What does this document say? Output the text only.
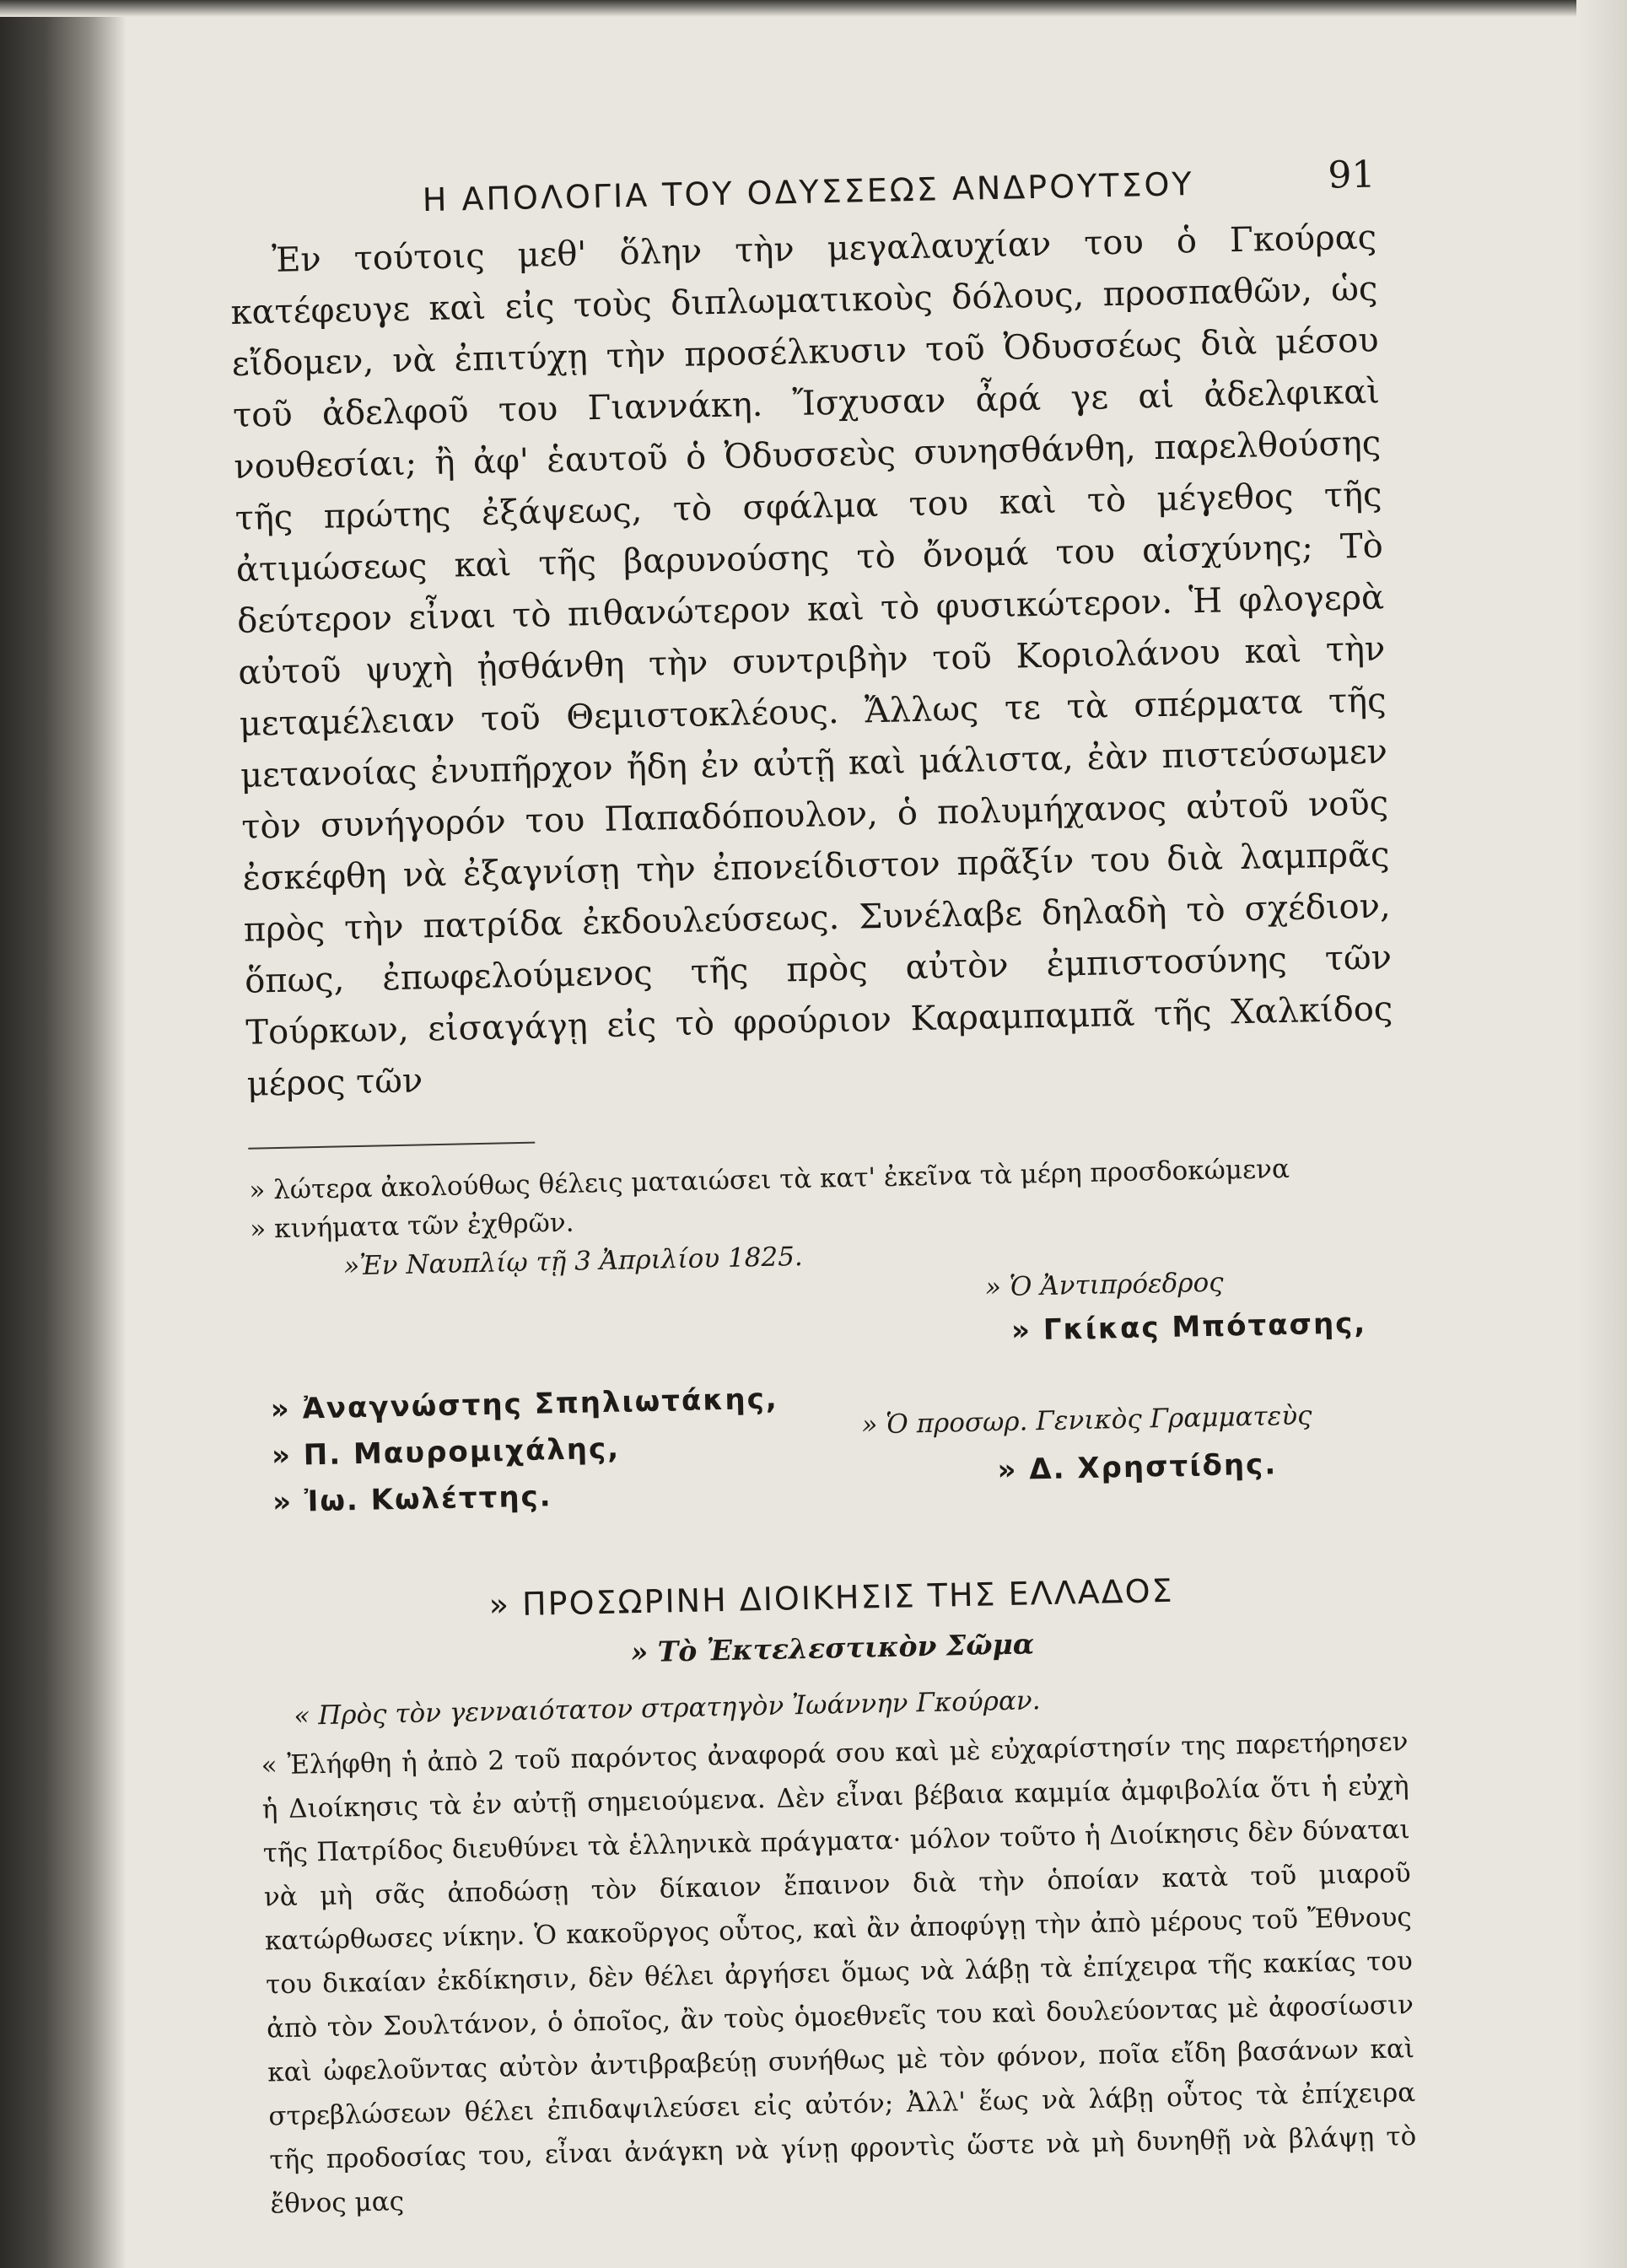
Η ΑΠΟΛΟΓΙΑ ΤΟΥ ΟΔΥΣΣΕΩΣ ΑΝΔΡΟΥΤΣΟΥ	91

Ἐν τούτοις μεθ' ὅλην τὴν μεγαλαυχίαν του ὁ Γκούρας κατέφευγε καὶ εἰς τοὺς διπλωματικοὺς δόλους, προσπαθῶν, ὡς εἴδομεν, νὰ ἐπιτύχῃ τὴν προσέλκυσιν τοῦ Ὀδυσσέως διὰ μέσου τοῦ ἀδελφοῦ του Γιαννάκη. Ἴσχυσαν ἆρά γε αἱ ἀδελφικαὶ νουθεσίαι; ἢ ἀφ' ἑαυτοῦ ὁ Ὀδυσσεὺς συνησθάνθη, παρελθούσης τῆς πρώτης ἐξάψεως, τὸ σφάλμα του καὶ τὸ μέγεθος τῆς ἀτιμώσεως καὶ τῆς βαρυνούσης τὸ ὄνομά του αἰσχύνης; Τὸ δεύτερον εἶναι τὸ πιθανώτερον καὶ τὸ φυσικώτερον. Ἡ φλογερὰ αὐτοῦ ψυχὴ ᾐσθάνθη τὴν συντριβὴν τοῦ Κοριολάνου καὶ τὴν μεταμέλειαν τοῦ Θεμιστοκλέους. Ἄλλως τε τὰ σπέρματα τῆς μετανοίας ἐνυπῆρχον ἤδη ἐν αὐτῇ καὶ μάλιστα, ἐὰν πιστεύσωμεν τὸν συνήγορόν του Παπαδόπουλον, ὁ πολυμήχανος αὐτοῦ νοῦς ἐσκέφθη νὰ ἐξαγνίσῃ τὴν ἐπονείδιστον πρᾶξίν του διὰ λαμπρᾶς πρὸς τὴν πατρίδα ἐκδουλεύσεως. Συνέλαβε δηλαδὴ τὸ σχέδιον, ὅπως, ἐπωφελούμενος τῆς πρὸς αὐτὸν ἐμπιστοσύνης τῶν Τούρκων, εἰσαγάγῃ εἰς τὸ φρούριον Καραμπαμπᾶ τῆς Χαλκίδος μέρος τῶν

» λώτερα ἀκολούθως θέλεις ματαιώσει τὰ κατ' ἐκεῖνα τὰ μέρη προσδοκώμενα

» κινήματα τῶν ἐχθρῶν.

»Ἐν Ναυπλίῳ τῇ 3 Ἀπριλίου 1825.

» Ὁ Ἀντιπρόεδρος
» Γκίκας Μπότασης,
» Ἀναγνώστης Σπηλιωτάκης,
» Π. Μαυρομιχάλης,
» Ἰω. Κωλέττης.
» Ὁ προσωρ. Γενικὸς Γραμματεὺς
» Δ. Χρηστίδης.
» ΠΡΟΣΩΡΙΝΗ ΔΙΟΙΚΗΣΙΣ ΤΗΣ ΕΛΛΑΔΟΣ
» Τὸ Ἐκτελεστικὸν Σῶμα
« Πρὸς τὸν γενναιότατον στρατηγὸν Ἰωάννην Γκούραν.

« Ἐλήφθη ἡ ἀπὸ 2 τοῦ παρόντος ἀναφορά σου καὶ μὲ εὐχαρίστησίν της παρετήρησεν ἡ Διοίκησις τὰ ἐν αὐτῇ σημειούμενα. Δὲν εἶναι βέβαια καμμία ἀμφιβολία ὅτι ἡ εὐχὴ τῆς Πατρίδος διευθύνει τὰ ἑλληνικὰ πράγματα· μόλον τοῦτο ἡ Διοίκησις δὲν δύναται νὰ μὴ σᾶς ἀποδώσῃ τὸν δίκαιον ἔπαινον διὰ τὴν ὁποίαν κατὰ τοῦ μιαροῦ κατώρθωσες νίκην. Ὁ κακοῦργος οὗτος, καὶ ἂν ἀποφύγῃ τὴν ἀπὸ μέρους τοῦ Ἔθνους του δικαίαν ἐκδίκησιν, δὲν θέλει ἀργήσει ὅμως νὰ λάβῃ τὰ ἐπίχειρα τῆς κακίας του ἀπὸ τὸν Σουλτάνον, ὁ ὁποῖος, ἂν τοὺς ὁμοεθνεῖς του καὶ δουλεύοντας μὲ ἀφοσίωσιν καὶ ὠφελοῦντας αὐτὸν ἀντιβραβεύῃ συνήθως μὲ τὸν φόνον, ποῖα εἴδη βασάνων καὶ στρεβλώσεων θέλει ἐπιδαψιλεύσει εἰς αὐτόν; Ἀλλ' ἕως νὰ λάβῃ οὗτος τὰ ἐπίχειρα τῆς προδοσίας του, εἶναι ἀνάγκη νὰ γίνῃ φροντὶς ὥστε νὰ μὴ δυνηθῇ νὰ βλάψῃ τὸ ἔθνος μας
